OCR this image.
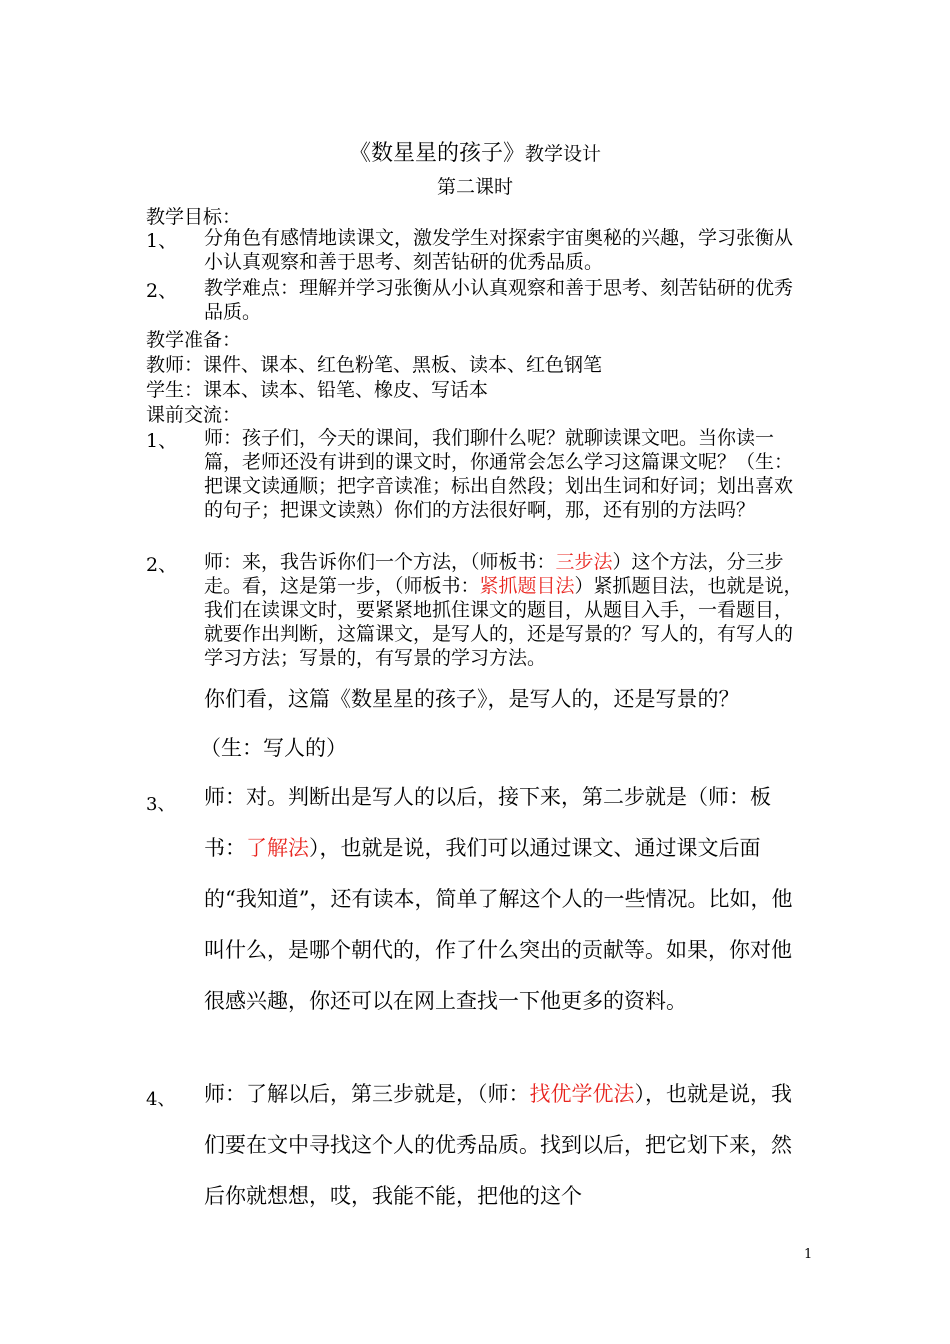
《数星星的孩子》教学设计
第二课时
教学目标：
1、 分角色有感情地读课文，激发学生对探索宇宙奥秘的兴趣，学习张衡从小认真观察和善于思考、刻苦钻研的优秀品质。
2、 教学难点：理解并学习张衡从小认真观察和善于思考、刻苦钻研的优秀品质。
教学准备：
教师：课件、课本、红色粉笔、黑板、读本、红色钢笔
学生：课本、读本、铅笔、橡皮、写话本
课前交流：
1、 师：孩子们，今天的课间，我们聊什么呢？就聊读课文吧。当你读一篇，老师还没有讲到的课文时，你通常会怎么学习这篇课文呢？（生：把课文读通顺；把字音读准；标出自然段；划出生词和好词；划出喜欢的句子；把课文读熟）你们的方法很好啊，那，还有别的方法吗？
2、 师：来，我告诉你们一个方法，（师板书：三步法）这个方法，分三步走。看，这是第一步，（师板书：紧抓题目法）紧抓题目法，也就是说，我们在读课文时，要紧紧地抓住课文的题目，从题目入手，一看题目，就要作出判断，这篇课文，是写人的，还是写景的？写人的，有写人的学习方法；写景的，有写景的学习方法。
你们看，这篇《数星星的孩子》，是写人的，还是写景的？
（生：写人的）
3、 师：对。判断出是写人的以后，接下来，第二步就是（师：板书：了解法），也就是说，我们可以通过课文、通过课文后面的“我知道”，还有读本，简单了解这个人的一些情况。比如，他叫什么，是哪个朝代的，作了什么突出的贡献等。如果，你对他很感兴趣，你还可以在网上查找一下他更多的资料。
4、 师：了解以后，第三步就是，（师：找优学优法），也就是说，我们要在文中寻找这个人的优秀品质。找到以后，把它划下来，然后你就想想，哎，我能不能，把他的这个
1
